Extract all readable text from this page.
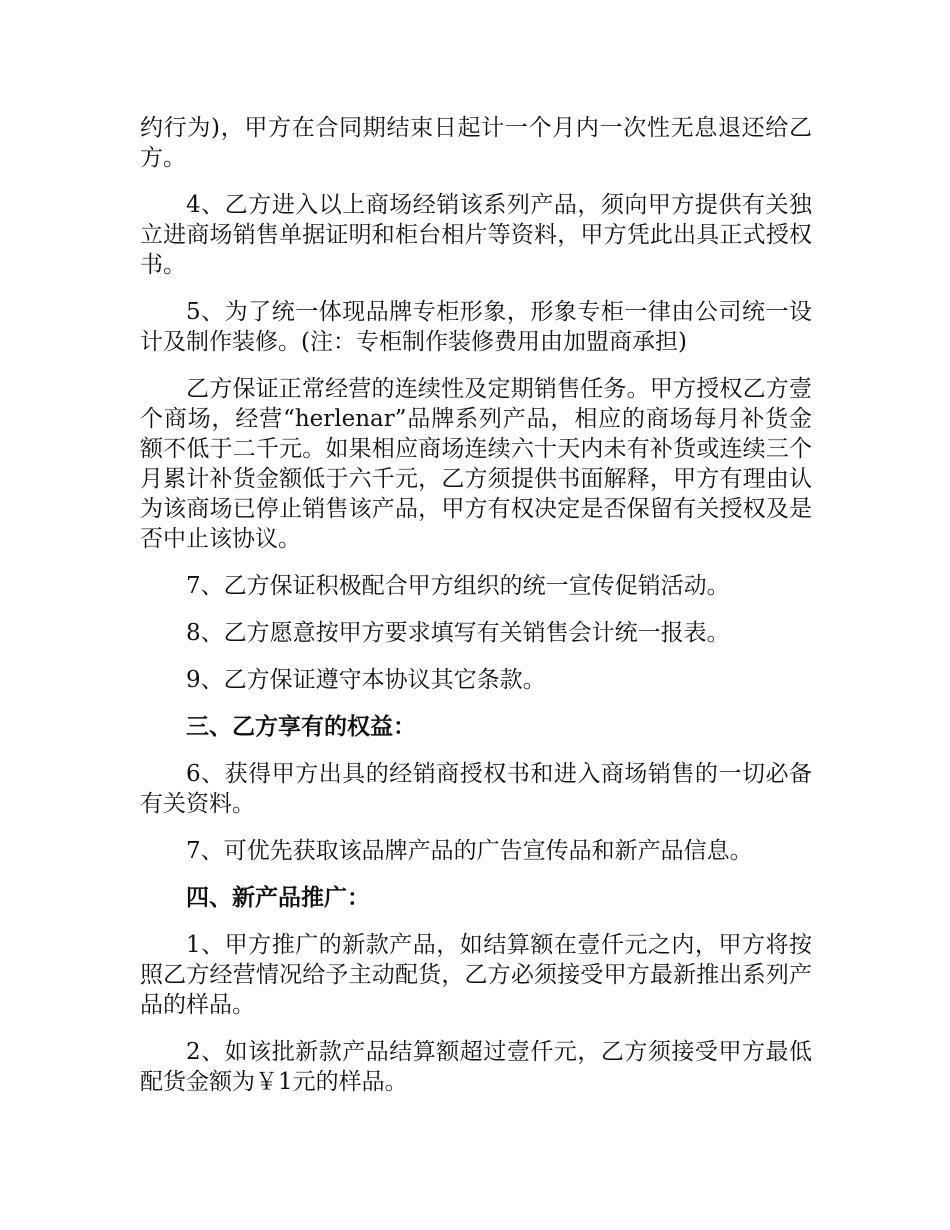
约行为)，甲方在合同期结束日起计一个月内一次性无息退还给乙方。

4、乙方进入以上商场经销该系列产品，须向甲方提供有关独立进商场销售单据证明和柜台相片等资料，甲方凭此出具正式授权书。

5、为了统一体现品牌专柜形象，形象专柜一律由公司统一设计及制作装修。(注：专柜制作装修费用由加盟商承担)

乙方保证正常经营的连续性及定期销售任务。甲方授权乙方壹个商场，经营“herlenar”品牌系列产品，相应的商场每月补货金额不低于二千元。如果相应商场连续六十天内未有补货或连续三个月累计补货金额低于六千元，乙方须提供书面解释，甲方有理由认为该商场已停止销售该产品，甲方有权决定是否保留有关授权及是否中止该协议。

7、乙方保证积极配合甲方组织的统一宣传促销活动。

8、乙方愿意按甲方要求填写有关销售会计统一报表。

9、乙方保证遵守本协议其它条款。

三、乙方享有的权益：

6、获得甲方出具的经销商授权书和进入商场销售的一切必备有关资料。

7、可优先获取该品牌产品的广告宣传品和新产品信息。

四、新产品推广：

1、甲方推广的新款产品，如结算额在壹仟元之内，甲方将按照乙方经营情况给予主动配货，乙方必须接受甲方最新推出系列产品的样品。

2、如该批新款产品结算额超过壹仟元，乙方须接受甲方最低配货金额为￥1元的样品。
